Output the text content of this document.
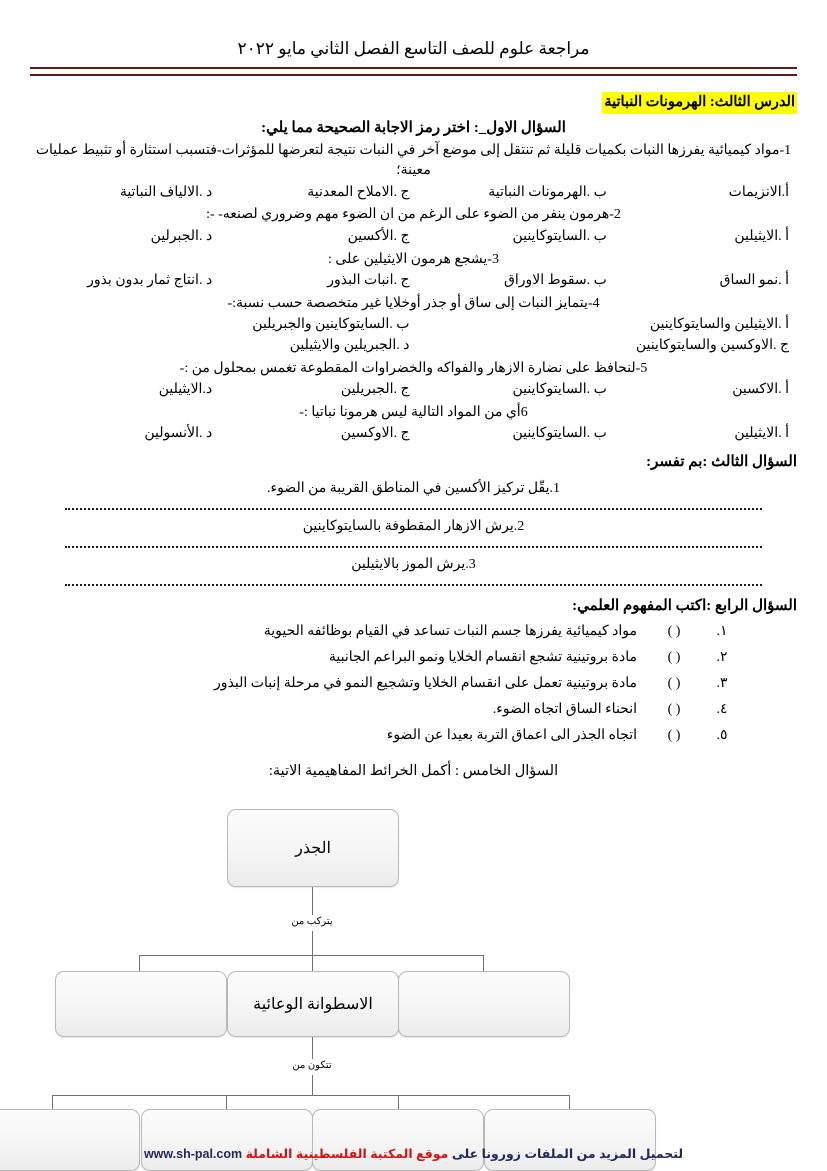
مراجعة علوم للصف التاسع الفصل الثاني مايو ٢٠٢٢
الدرس الثالث: الهرمونات النباتية
السؤال الاول_: اختر رمز الاجابة الصحيحة مما يلي:
1-مواد كيميائية يفرزها النبات بكميات قليلة ثم تنتقل إلى موضع آخر في النبات نتيجة لتعرضها للمؤثرات-فتسبب استثارة أو تثبيط عمليات معينة؛
أ.الانزيمات
ب .الهرمونات النباتية
ج .الاملاح المعدنية
د .الالياف النباتية
2-هرمون ينفر من الضوء على الرغم من ان الضوء مهم وضروري لصنعه- -:
أ .الايثيلين
ب .السايتوكاينين
ج .الأكسين
د .الجبرلين
3-يشجع هرمون الايثيلين على :
أ .نمو الساق
ب .سقوط الاوراق
ج .انبات البذور
د .انتاج ثمار بدون بذور
4-يتمايز النبات إلى ساق أو جذر أوخلايا غير متخصصة حسب نسبة:-
أ .الايثيلين والسايتوكاينين
ب .السايتوكاينين والجبريلين
ج .الاوكسين والسايتوكاينين
د .الجبريلين والايثيلين
5-لنحافظ على نضارة الازهار والفواكه والخضراوات المقطوعة تغمس بمحلول من :-
أ .الاكسين
ب .السايتوكاينين
ج .الجبريلين
د.الايثيلين
6أي من المواد التالية ليس هرمونا نباتيا :-
أ .الايثيلين
ب .السايتوكاينين
ج .الاوكسين
د .الأنسولين
السؤال الثالث :بم تفسر:
1.يقّل تركيز الأكسين في المناطق القريبة من الضوء.
2.يرش الازهار المقطوفة بالسايتوكاينين
3.يرش الموز بالايثيلين
السؤال الرابع :اكتب المفهوم العلمي:
١.
( )
مواد كيميائية يفرزها جسم النبات تساعد في القيام بوظائفه الحيوية
٢.
( )
مادة بروتينية تشجع انقسام الخلايا ونمو البراعم الجانبية
٣.
( )
مادة بروتينية تعمل على انقسام الخلايا وتشجيع النمو في مرحلة إنبات البذور
٤.
( )
انحناء الساق اتجاه الضوء.
٥.
( )
اتجاه الجذر الى اعماق التربة بعيدا عن الضوء
السؤال الخامس : أكمل الخرائط المفاهيمية الاتية:
الجذر
يتركب من
الاسطوانة الوعائية
تتكون من
لتحميل المزيد من الملفات زورونا على موقع المكتبة الفلسطينية الشاملة www.sh-pal.com
